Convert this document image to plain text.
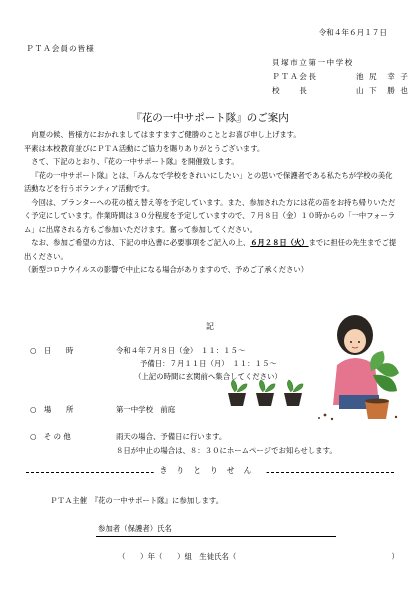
令和４年６月１７日
ＰＴＡ会員の皆様
貝塚市立第一中学校
ＰＴＡ会長	池 尻　幸 子
校　　長	山 下　勝 也
『花の一中サポート隊』のご案内

向夏の候、皆様方におかれましてはますますご健勝のこととお喜び申し上げます。

平素は本校教育並びにＰＴＡ活動にご協力を賜りありがとうございます。

さて、下記のとおり、『花の一中サポート隊』を開催致します。

『花の一中サポート隊』とは、「みんなで学校をきれいにしたい」との思いで保護者である私たちが学校の美化活動などを行うボランティア活動です。

今回は、プランターへの花の植え替え等を予定しています。また、参加された方には花の苗をお持ち帰りいただく予定にしています。作業時間は３０分程度を予定していますので、７月８日（金）１０時からの「一中フォーラム」に出席される方もご参加いただけます。奮って参加してください。

なお、参加ご希望の方は、下記の申込書に必要事項をご記入の上、６月２８日（火）までに担任の先生までご提出ください。

（新型コロナウイルスの影響で中止になる場合がありますので、予めご了承ください）

記
○　日　　時	令和４年７月８日（金）　１１：１５～
予備日：７月１１日（月）　１１：１５～
（上記の時間に玄関前へ集合してください）
○　場　　所	第一中学校　前庭
○　そ の 他	雨天の場合、予備日に行います。
８日が中止の場合は、８：３０にホームページでお知らせします。
きりとりせん
ＰＴＡ主催　『花の一中サポート隊』に参加します。
参加者（保護者）氏名
（　　）年（　　）組　生徒氏名（　　　　　　　　　　　　　　　　　　　　　）
